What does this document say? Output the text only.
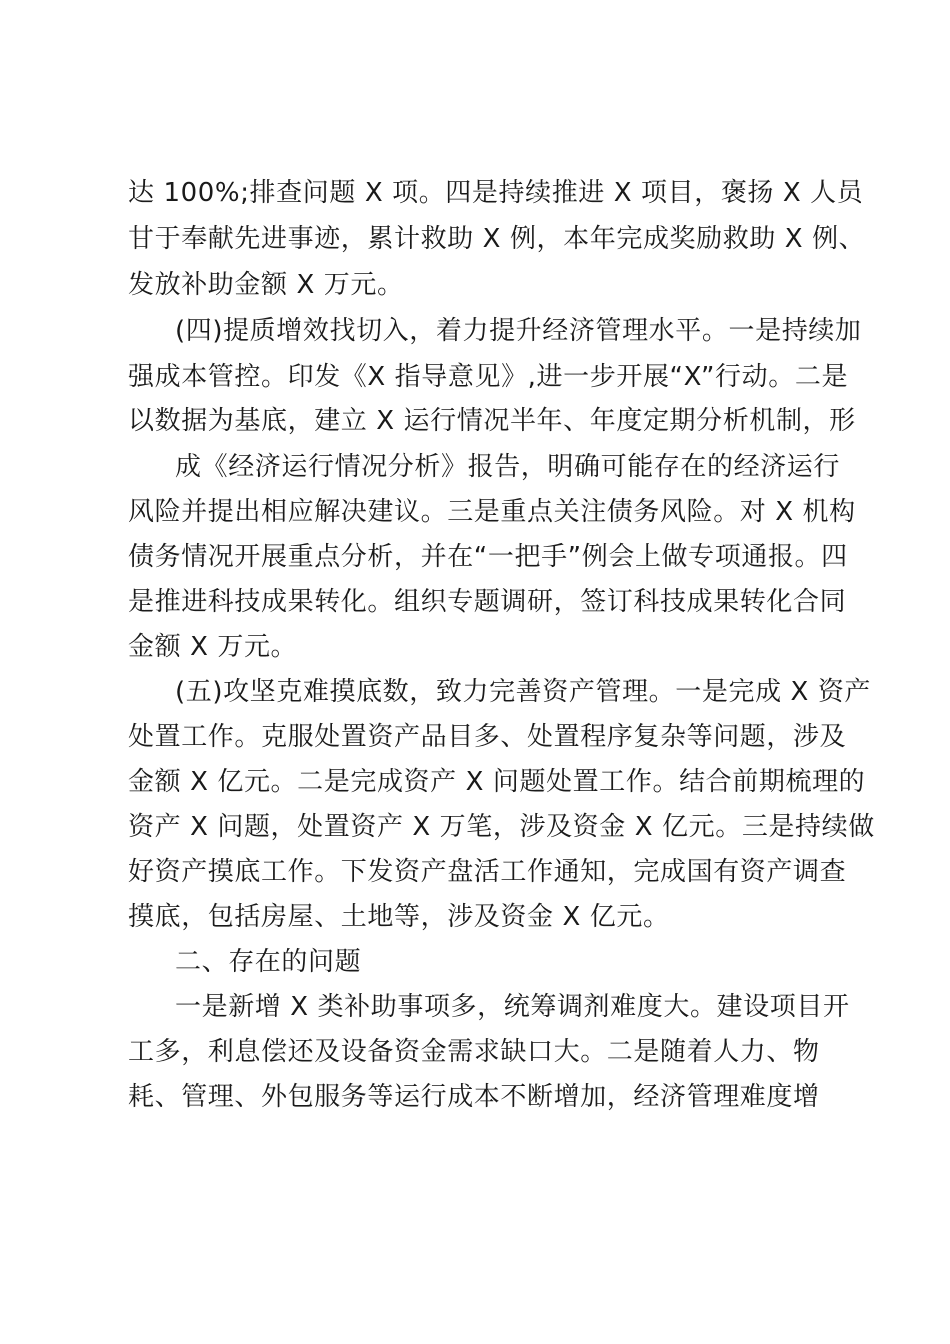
达 100%;排查问题 X 项。四是持续推进 X 项目，褒扬 X 人员
甘于奉献先进事迹，累计救助 X 例，本年完成奖励救助 X 例、
发放补助金额 X 万元。
(四)提质增效找切入，着力提升经济管理水平。一是持续加
强成本管控。印发《X 指导意见》,进一步开展“X”行动。二是
以数据为基底，建立 X 运行情况半年、年度定期分析机制，形
成《经济运行情况分析》报告，明确可能存在的经济运行
风险并提出相应解决建议。三是重点关注债务风险。对 X 机构
债务情况开展重点分析，并在“一把手”例会上做专项通报。四
是推进科技成果转化。组织专题调研，签订科技成果转化合同
金额 X 万元。
(五)攻坚克难摸底数，致力完善资产管理。一是完成 X 资产
处置工作。克服处置资产品目多、处置程序复杂等问题，涉及
金额 X 亿元。二是完成资产 X 问题处置工作。结合前期梳理的
资产 X 问题，处置资产 X 万笔，涉及资金 X 亿元。三是持续做
好资产摸底工作。下发资产盘活工作通知，完成国有资产调查
摸底，包括房屋、土地等，涉及资金 X 亿元。
二、存在的问题
一是新增 X 类补助事项多，统筹调剂难度大。建设项目开
工多，利息偿还及设备资金需求缺口大。二是随着人力、物
耗、管理、外包服务等运行成本不断增加，经济管理难度增
